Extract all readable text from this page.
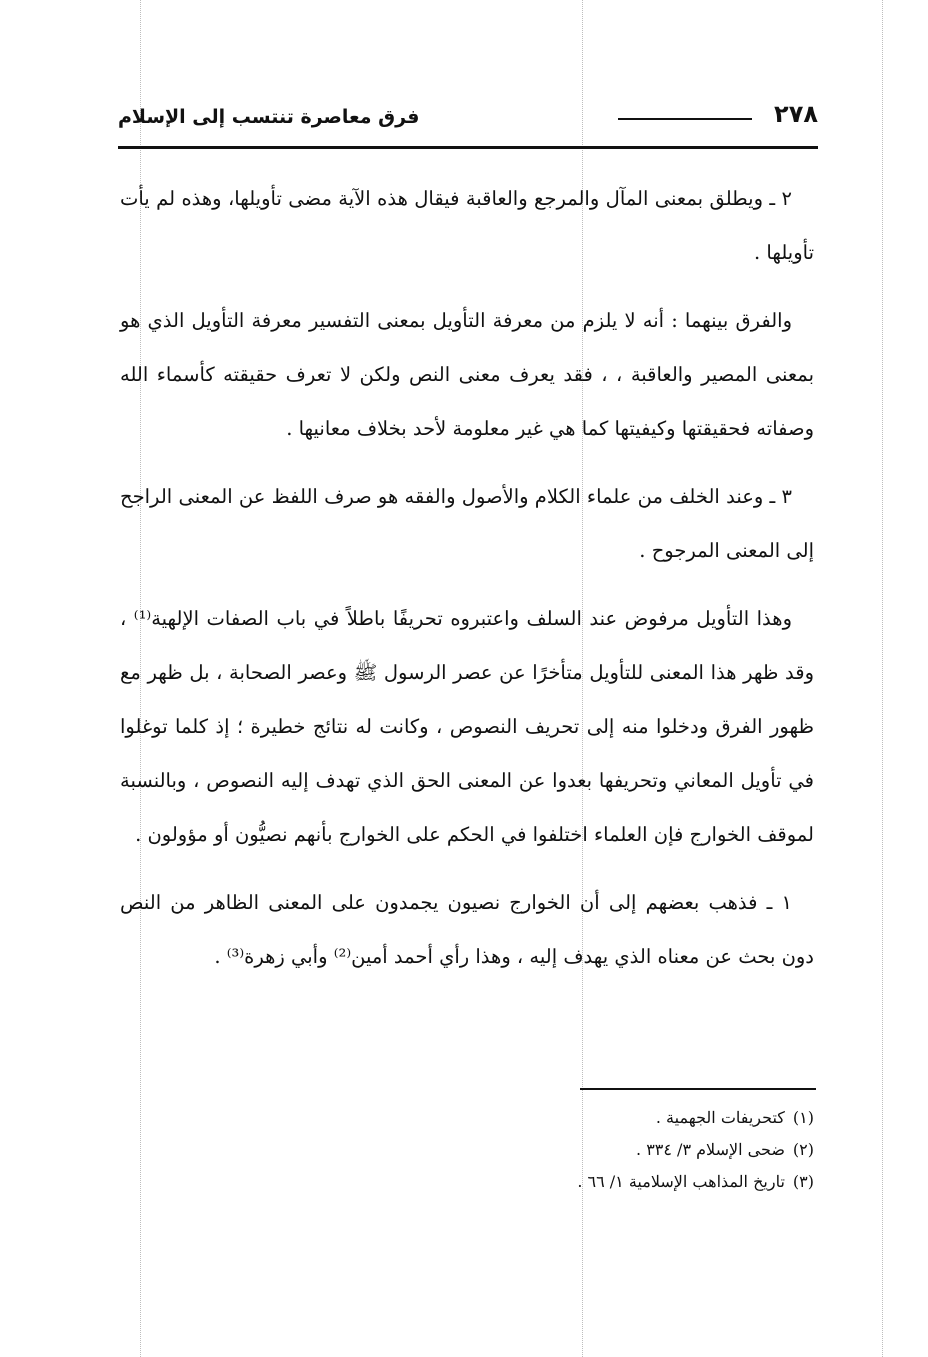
٢٧٨
فرق معاصرة تنتسب إلى الإسلام

٢ ـ ويطلق بمعنى المآل والمرجع والعاقبة فيقال هذه الآية مضى تأويلها، وهذه لم يأت تأويلها .

والفرق بينهما : أنه لا يلزم من معرفة التأويل بمعنى التفسير معرفة التأويل الذي هو بمعنى المصير والعاقبة ، ، فقد يعرف معنى النص ولكن لا تعرف حقيقته كأسماء الله وصفاته فحقيقتها وكيفيتها كما هي غير معلومة لأحد بخلاف معانيها .

٣ ـ وعند الخلف من علماء الكلام والأصول والفقه هو صرف اللفظ عن المعنى الراجح إلى المعنى المرجوح .

وهذا التأويل مرفوض عند السلف واعتبروه تحريفًا باطلاً في باب الصفات الإلهية⁽¹⁾ ، وقد ظهر هذا المعنى للتأويل متأخرًا عن عصر الرسول ﷺ وعصر الصحابة ، بل ظهر مع ظهور الفرق ودخلوا منه إلى تحريف النصوص ، وكانت له نتائج خطيرة ؛ إذ كلما توغلوا في تأويل المعاني وتحريفها بعدوا عن المعنى الحق الذي تهدف إليه النصوص ، وبالنسبة لموقف الخوارج فإن العلماء اختلفوا في الحكم على الخوارج بأنهم نصيُّون أو مؤولون .

١ ـ فذهب بعضهم إلى أن الخوارج نصيون يجمدون على المعنى الظاهر من النص دون بحث عن معناه الذي يهدف إليه ، وهذا رأي أحمد أمين⁽²⁾ وأبي زهرة⁽³⁾ .

(١)كتحريفات الجهمية .
(٢)ضحى الإسلام ٣/ ٣٣٤ .
(٣)تاريخ المذاهب الإسلامية ١/ ٦٦ .
